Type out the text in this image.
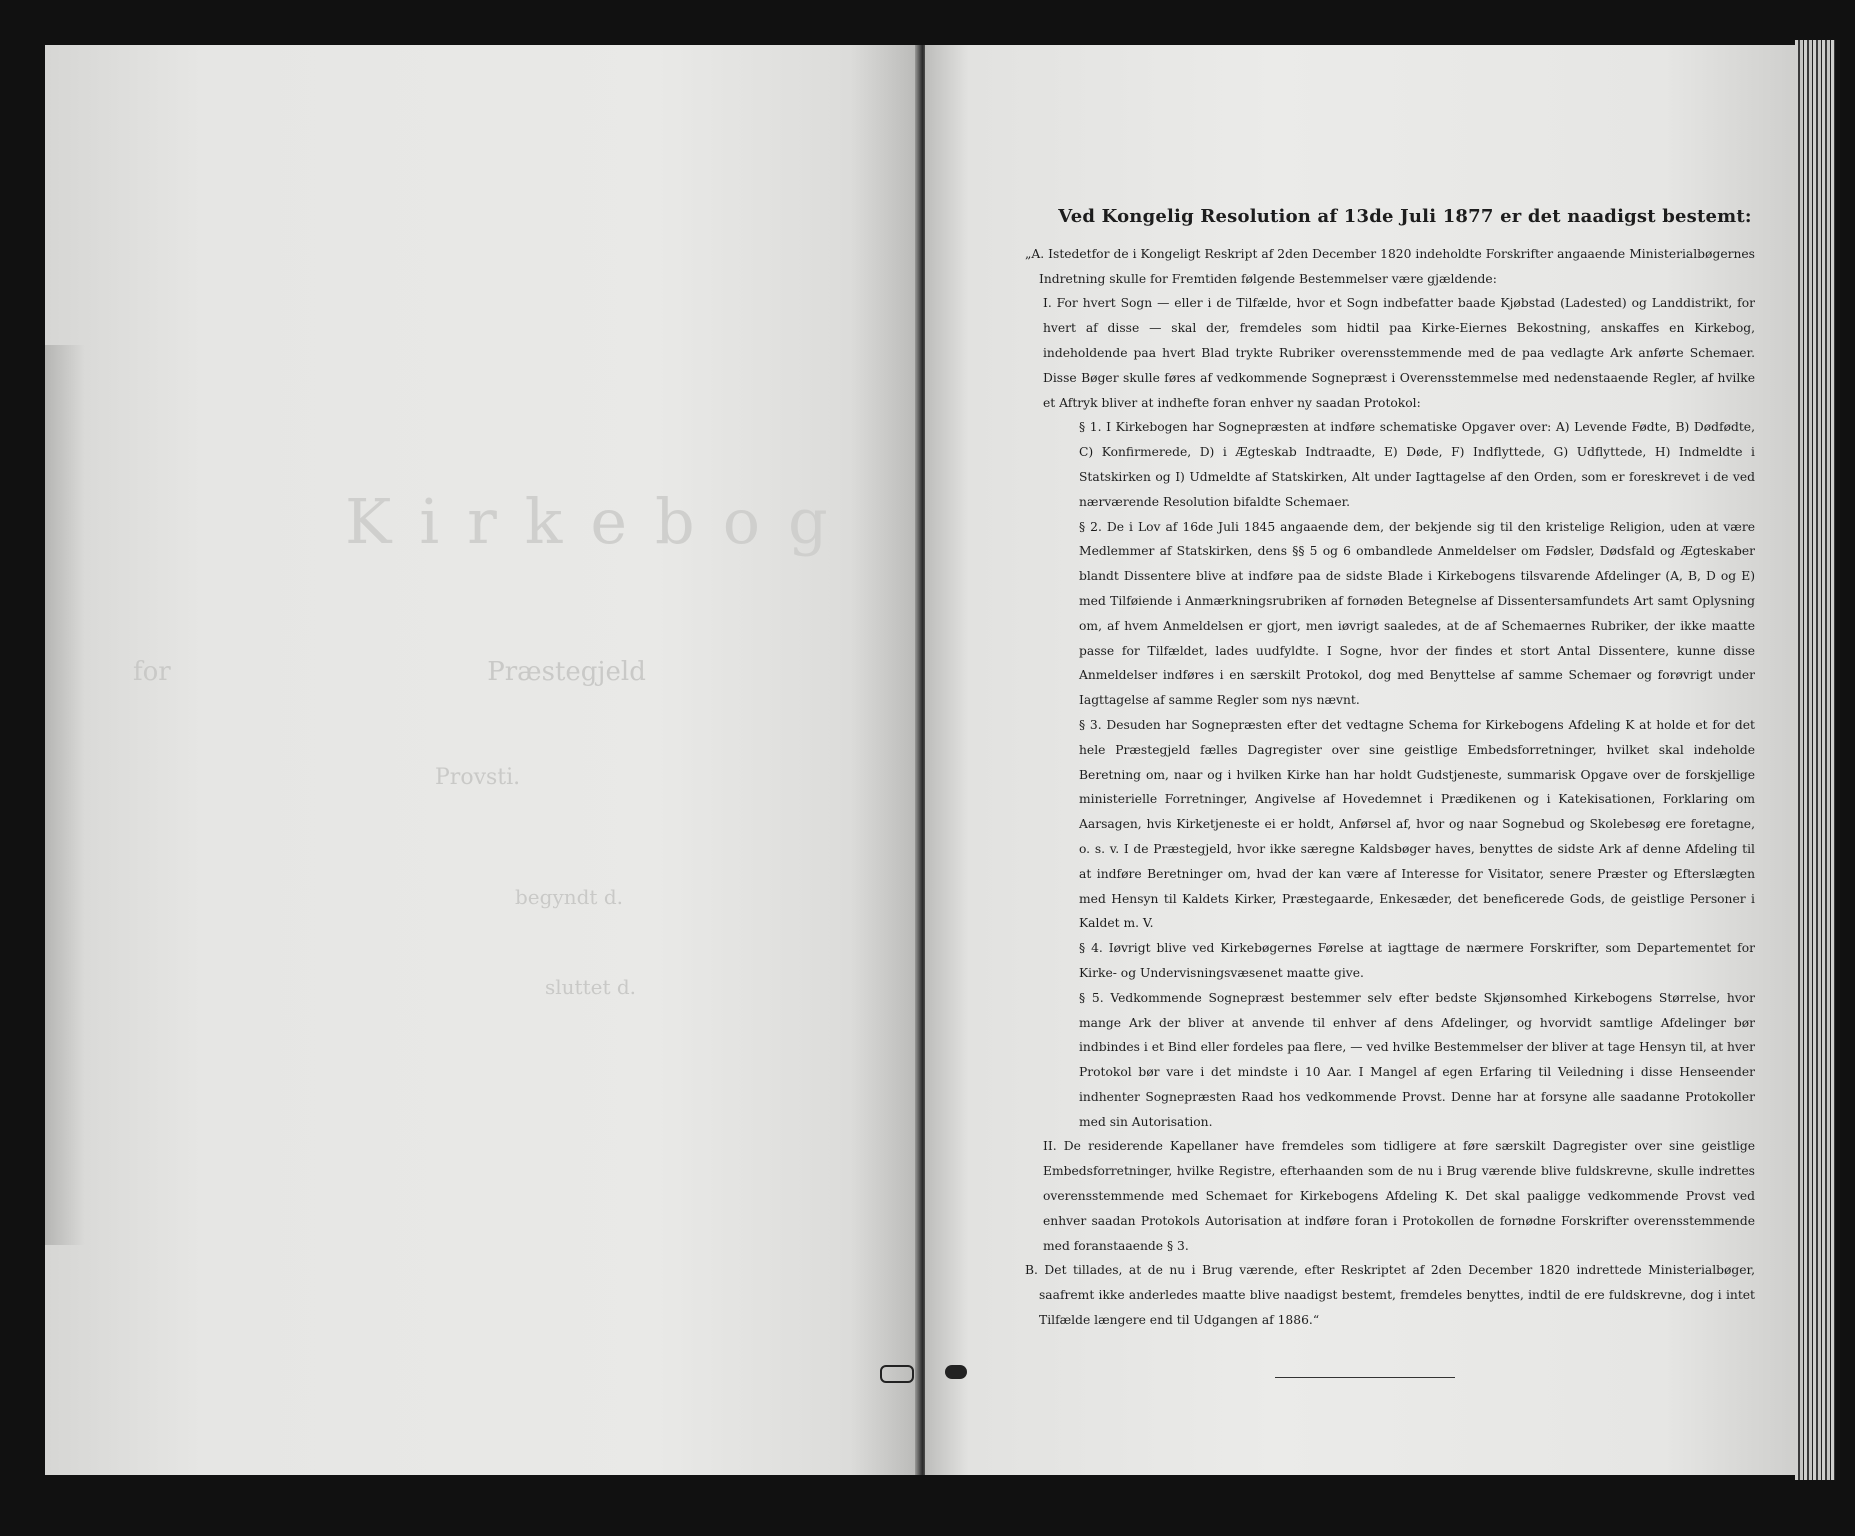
Kirkebog
for	Præstegjeld
Provsti.
begyndt d.
sluttet d.
Ved Kongelig Resolution af 13de Juli 1877 er det naadigst bestemt:

„A. Istedetfor de i Kongeligt Reskript af 2den December 1820 indeholdte Forskrifter angaaende Ministerialbøgernes Indretning skulle for Fremtiden følgende Bestemmelser være gjældende:

I. For hvert Sogn — eller i de Tilfælde, hvor et Sogn indbefatter baade Kjøbstad (Ladested) og Landdistrikt, for hvert af disse — skal der, fremdeles som hidtil paa Kirke-Eiernes Bekostning, anskaffes en Kirkebog, indeholdende paa hvert Blad trykte Rubriker overensstemmende med de paa vedlagte Ark anførte Schemaer. Disse Bøger skulle føres af vedkommende Sognepræst i Overensstemmelse med nedenstaaende Regler, af hvilke et Aftryk bliver at indhefte foran enhver ny saadan Protokol:

§ 1. I Kirkebogen har Sognepræsten at indføre schematiske Opgaver over: A) Levende Fødte, B) Dødfødte, C) Konfirmerede, D) i Ægteskab Indtraadte, E) Døde, F) Indflyttede, G) Udflyttede, H) Indmeldte i Statskirken og I) Udmeldte af Statskirken, Alt under Iagttagelse af den Orden, som er foreskrevet i de ved nærværende Resolution bifaldte Schemaer.

§ 2. De i Lov af 16de Juli 1845 angaaende dem, der bekjende sig til den kristelige Religion, uden at være Medlemmer af Statskirken, dens §§ 5 og 6 ombandlede Anmeldelser om Fødsler, Dødsfald og Ægteskaber blandt Dissentere blive at indføre paa de sidste Blade i Kirkebogens tilsvarende Afdelinger (A, B, D og E) med Tilføiende i Anmærkningsrubriken af fornøden Betegnelse af Dissentersamfundets Art samt Oplysning om, af hvem Anmeldelsen er gjort, men iøvrigt saaledes, at de af Schemaernes Rubriker, der ikke maatte passe for Tilfældet, lades uudfyldte. I Sogne, hvor der findes et stort Antal Dissentere, kunne disse Anmeldelser indføres i en særskilt Protokol, dog med Benyttelse af samme Schemaer og forøvrigt under Iagttagelse af samme Regler som nys nævnt.

§ 3. Desuden har Sognepræsten efter det vedtagne Schema for Kirkebogens Afdeling K at holde et for det hele Præstegjeld fælles Dagregister over sine geistlige Embedsforretninger, hvilket skal indeholde Beretning om, naar og i hvilken Kirke han har holdt Gudstjeneste, summarisk Opgave over de forskjellige ministerielle Forretninger, Angivelse af Hovedemnet i Prædikenen og i Katekisationen, Forklaring om Aarsagen, hvis Kirketjeneste ei er holdt, Anførsel af, hvor og naar Sognebud og Skolebesøg ere foretagne, o. s. v. I de Præstegjeld, hvor ikke særegne Kaldsbøger haves, benyttes de sidste Ark af denne Afdeling til at indføre Beretninger om, hvad der kan være af Interesse for Visitator, senere Præster og Efterslægten med Hensyn til Kaldets Kirker, Præstegaarde, Enkesæder, det beneficerede Gods, de geistlige Personer i Kaldet m. V.

§ 4. Iøvrigt blive ved Kirkebøgernes Førelse at iagttage de nærmere Forskrifter, som Departementet for Kirke- og Undervisningsvæsenet maatte give.

§ 5. Vedkommende Sognepræst bestemmer selv efter bedste Skjønsomhed Kirkebogens Størrelse, hvor mange Ark der bliver at anvende til enhver af dens Afdelinger, og hvorvidt samtlige Afdelinger bør indbindes i et Bind eller fordeles paa flere, — ved hvilke Bestemmelser der bliver at tage Hensyn til, at hver Protokol bør vare i det mindste i 10 Aar. I Mangel af egen Erfaring til Veiledning i disse Henseender indhenter Sognepræsten Raad hos vedkommende Provst. Denne har at forsyne alle saadanne Protokoller med sin Autorisation.

II. De residerende Kapellaner have fremdeles som tidligere at føre særskilt Dagregister over sine geistlige Embedsforretninger, hvilke Registre, efterhaanden som de nu i Brug værende blive fuldskrevne, skulle indrettes overensstemmende med Schemaet for Kirkebogens Afdeling K. Det skal paaligge vedkommende Provst ved enhver saadan Protokols Autorisation at indføre foran i Protokollen de fornødne Forskrifter overensstemmende med foranstaaende § 3.

B. Det tillades, at de nu i Brug værende, efter Reskriptet af 2den December 1820 indrettede Ministerialbøger, saafremt ikke anderledes maatte blive naadigst bestemt, fremdeles benyttes, indtil de ere fuldskrevne, dog i intet Tilfælde længere end til Udgangen af 1886.“
